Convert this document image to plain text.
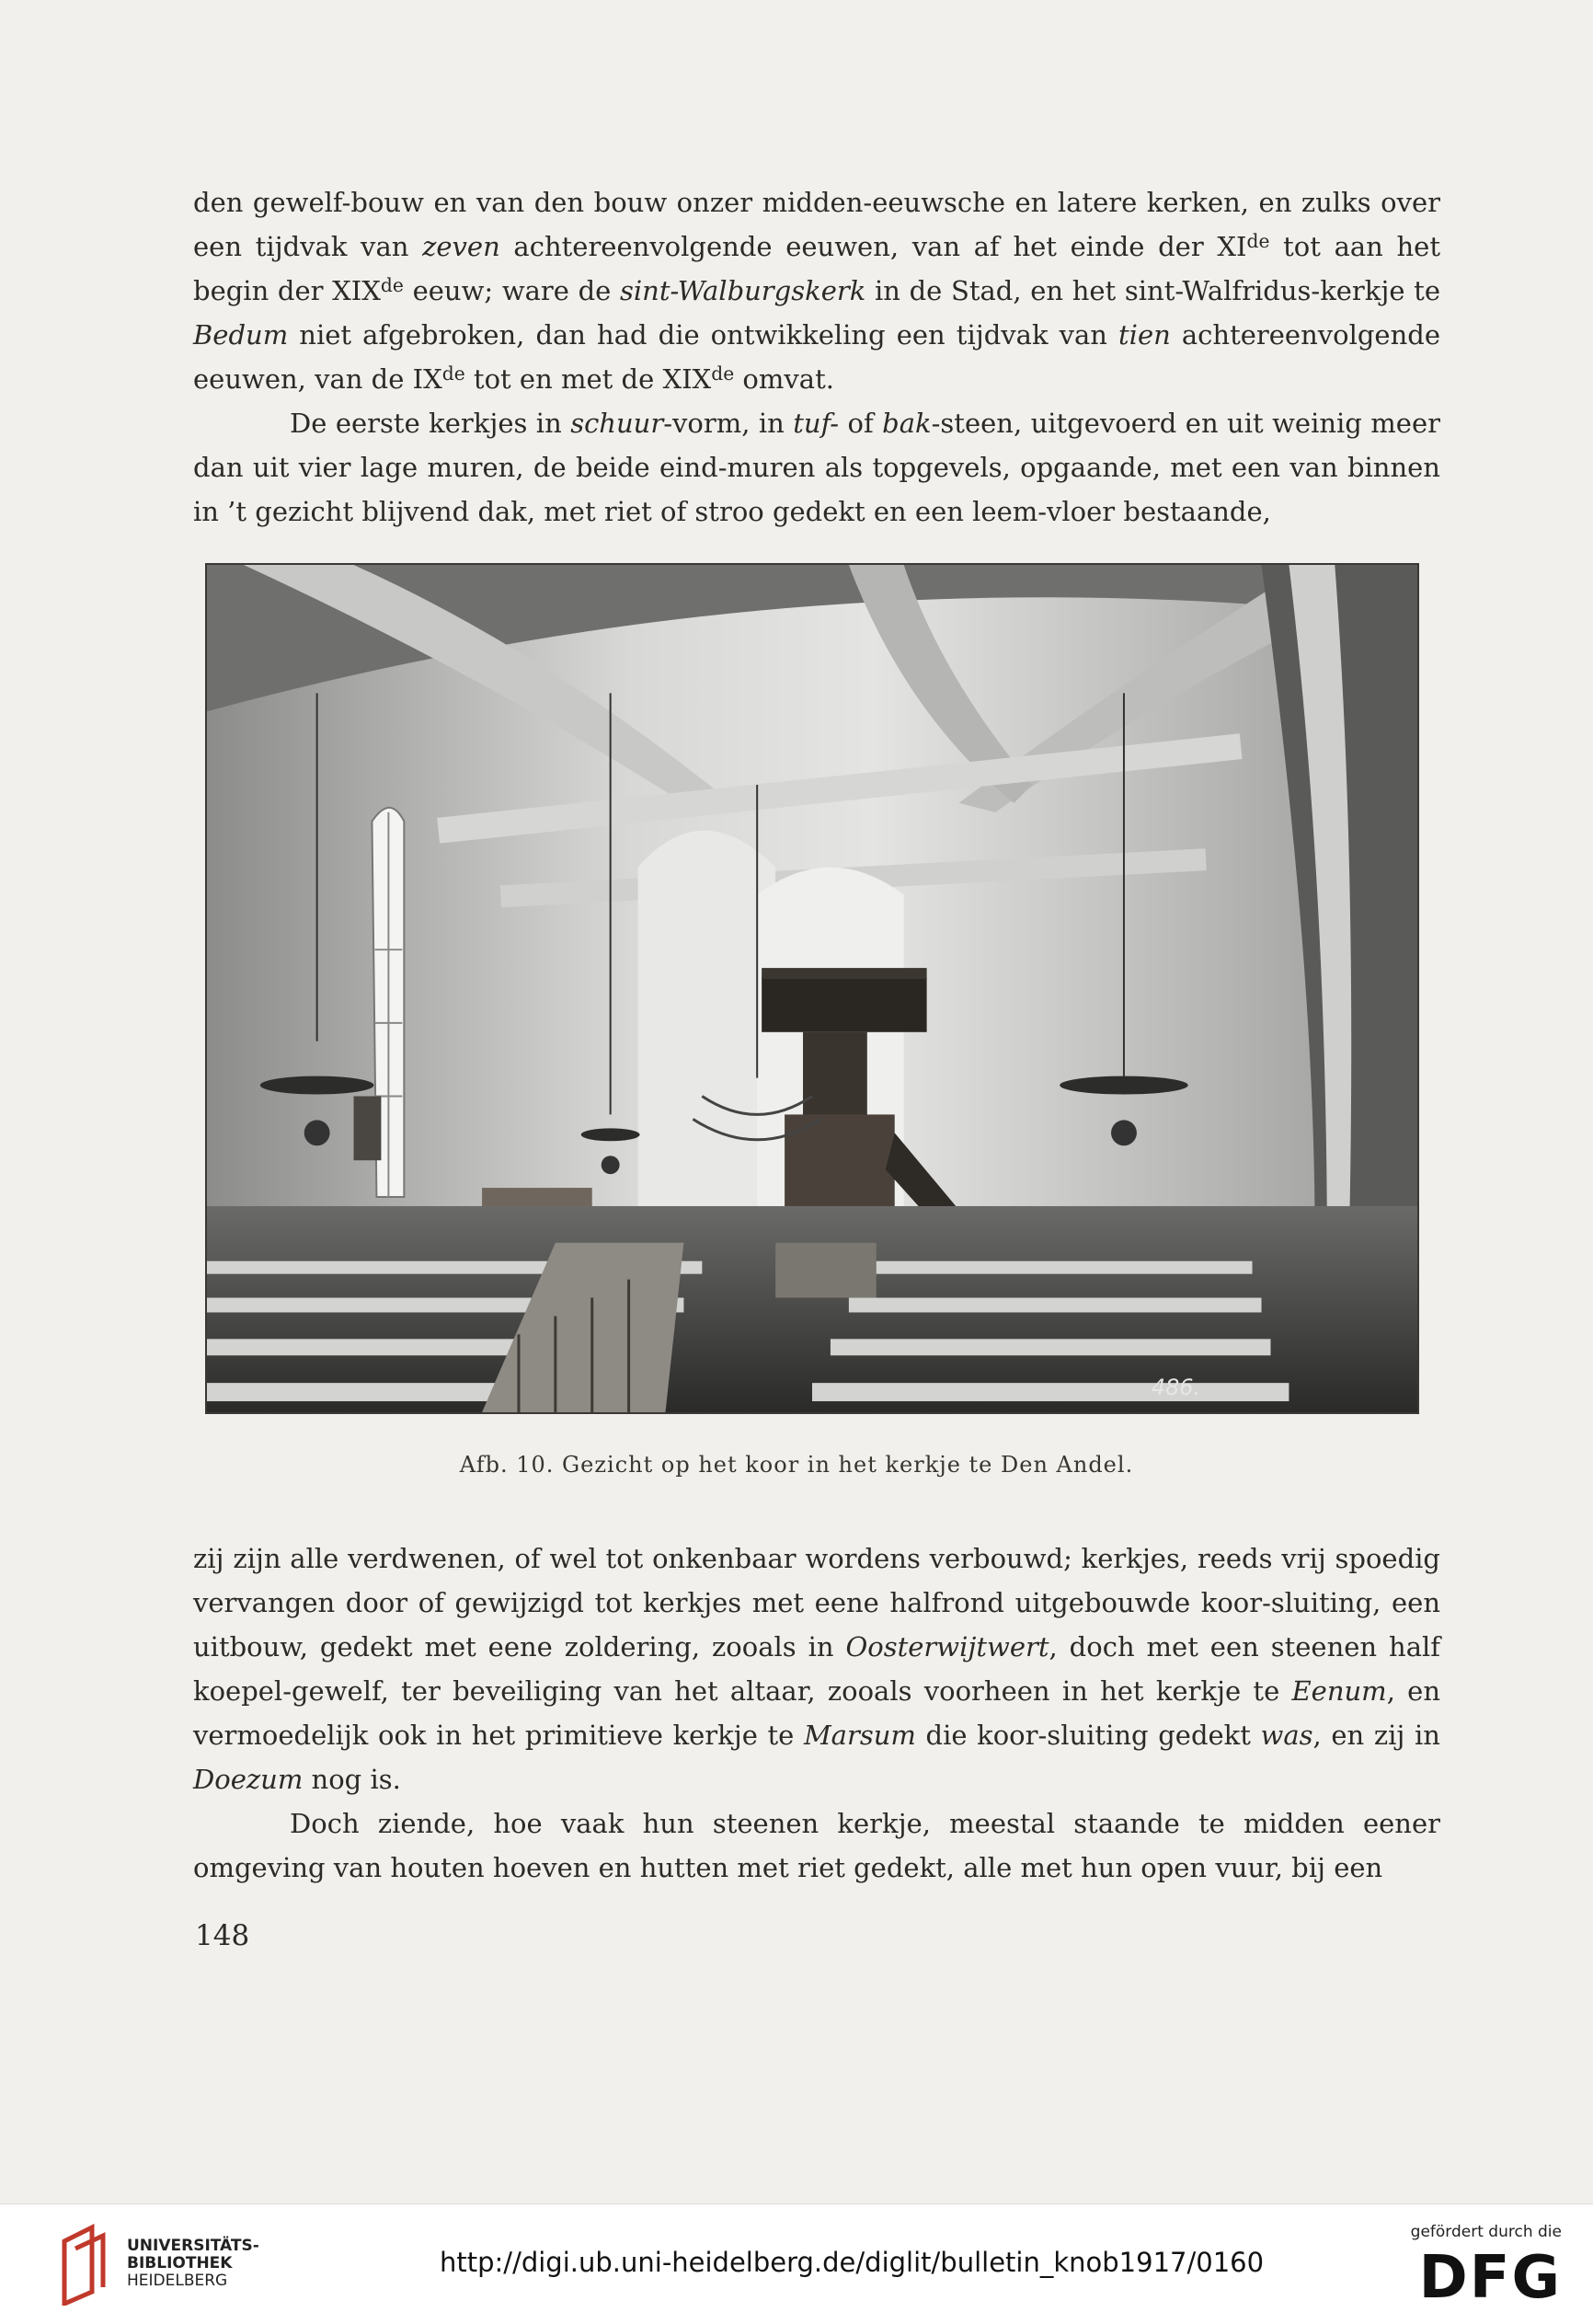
den gewelf-bouw en van den bouw onzer midden-eeuwsche en latere kerken, en zulks over een tijdvak van zeven achtereenvolgende eeuwen, van af het einde der XIde tot aan het begin der XIXde eeuw; ware de sint-Walburgskerk in de Stad, en het sint-Walfridus-kerkje te Bedum niet afgebroken, dan had die ontwikkeling een tijdvak van tien achtereenvolgende eeuwen, van de IXde tot en met de XIXde omvat.

De eerste kerkjes in schuur-vorm, in tuf- of bak-steen, uitgevoerd en uit weinig meer dan uit vier lage muren, de beide eind-muren als topgevels, opgaande, met een van binnen in ’t gezicht blijvend dak, met riet of stroo gedekt en een leem-vloer bestaande,

486.
Afb. 10. Gezicht op het koor in het kerkje te Den Andel.

zij zijn alle verdwenen, of wel tot onkenbaar wordens verbouwd; kerkjes, reeds vrij spoedig vervangen door of gewijzigd tot kerkjes met eene halfrond uitgebouwde koor-sluiting, een uitbouw, gedekt met eene zoldering, zooals in Oosterwijtwert, doch met een steenen half koepel-gewelf, ter beveiliging van het altaar, zooals voorheen in het kerkje te Eenum, en vermoedelijk ook in het primitieve kerkje te Marsum die koor-sluiting gedekt was, en zij in Doezum nog is.

Doch ziende, hoe vaak hun steenen kerkje, meestal staande te midden eener omgeving van houten hoeven en hutten met riet gedekt, alle met hun open vuur, bij een

148
UNIVERSITÄTS-
BIBLIOTHEK
HEIDELBERG
http://digi.ub.uni-heidelberg.de/diglit/bulletin_knob1917/0160
gefördert durch die
DFG
